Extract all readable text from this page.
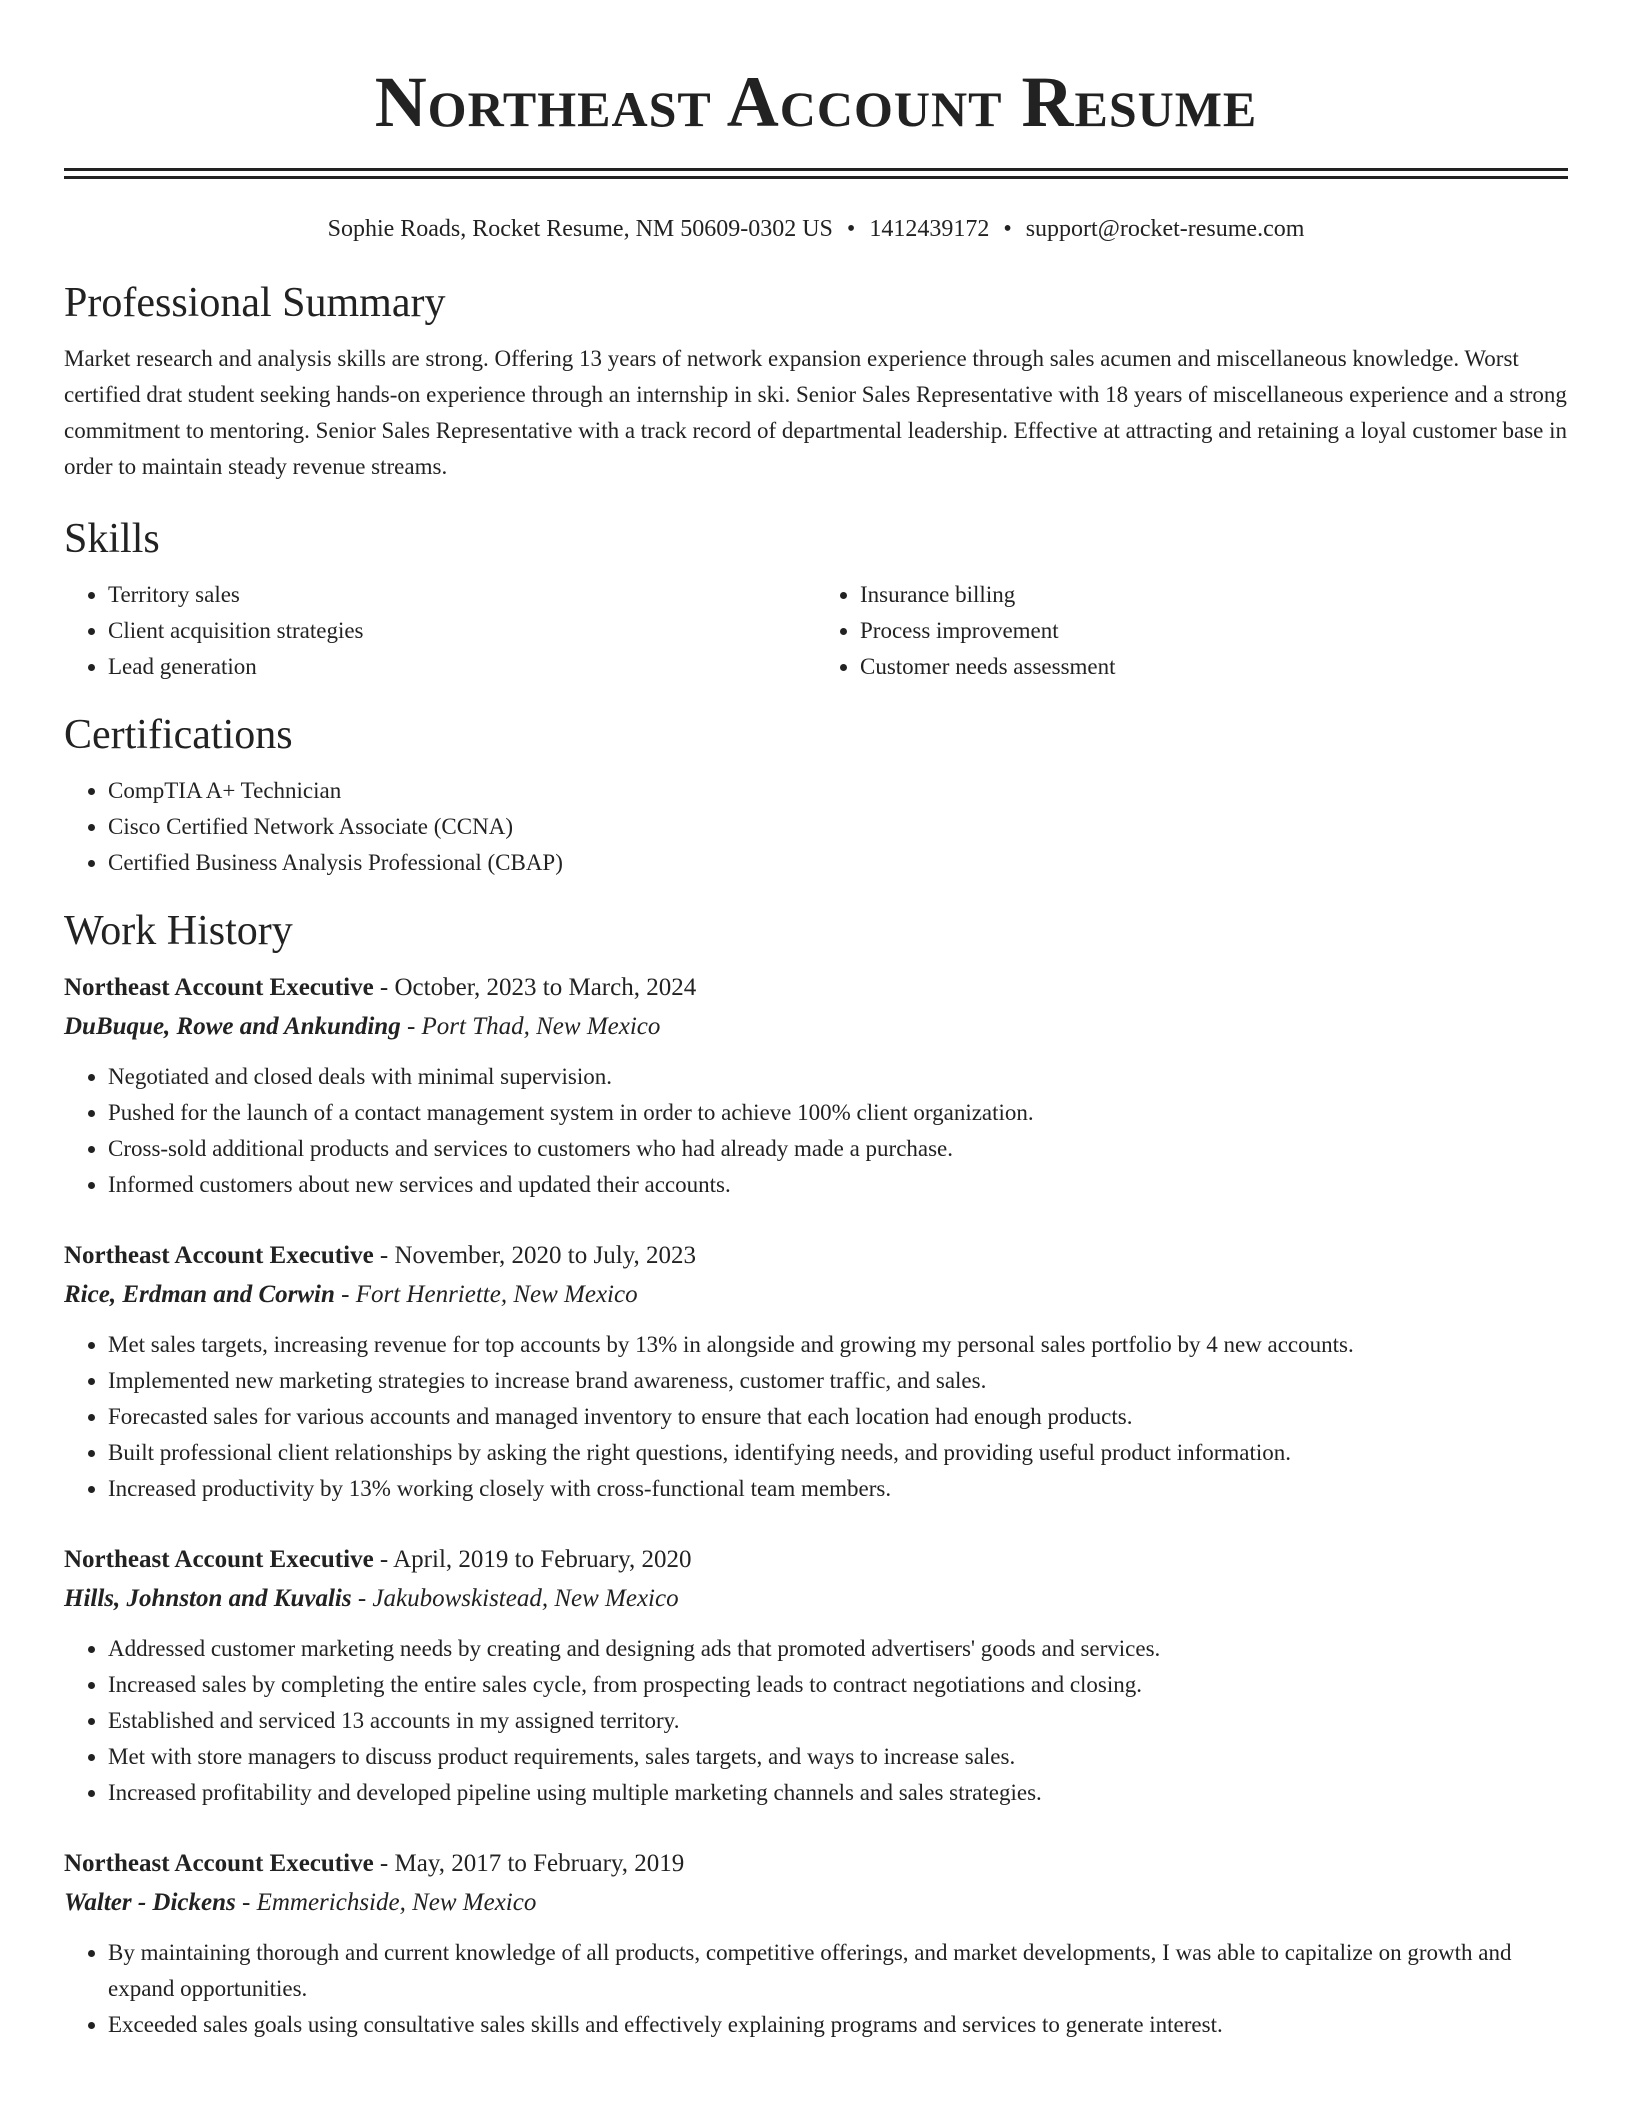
Northeast Account Resume
Sophie Roads, Rocket Resume, NM 50609-0302 US • 1412439172 • support@rocket-resume.com
Professional Summary

Market research and analysis skills are strong. Offering 13 years of network expansion experience through sales acumen and miscellaneous knowledge. Worst certified drat student seeking hands-on experience through an internship in ski. Senior Sales Representative with 18 years of miscellaneous experience and a strong commitment to mentoring. Senior Sales Representative with a track record of departmental leadership. Effective at attracting and retaining a loyal customer base in order to maintain steady revenue streams.

Skills
• Territory sales
• Client acquisition strategies
• Lead generation
• Insurance billing
• Process improvement
• Customer needs assessment
Certifications
• CompTIA A+ Technician
• Cisco Certified Network Associate (CCNA)
• Certified Business Analysis Professional (CBAP)
Work History
Northeast Account Executive - October, 2023 to March, 2024
DuBuque, Rowe and Ankunding - Port Thad, New Mexico
• Negotiated and closed deals with minimal supervision.
• Pushed for the launch of a contact management system in order to achieve 100% client organization.
• Cross-sold additional products and services to customers who had already made a purchase.
• Informed customers about new services and updated their accounts.
Northeast Account Executive - November, 2020 to July, 2023
Rice, Erdman and Corwin - Fort Henriette, New Mexico
• Met sales targets, increasing revenue for top accounts by 13% in alongside and growing my personal sales portfolio by 4 new accounts.
• Implemented new marketing strategies to increase brand awareness, customer traffic, and sales.
• Forecasted sales for various accounts and managed inventory to ensure that each location had enough products.
• Built professional client relationships by asking the right questions, identifying needs, and providing useful product information.
• Increased productivity by 13% working closely with cross-functional team members.
Northeast Account Executive - April, 2019 to February, 2020
Hills, Johnston and Kuvalis - Jakubowskistead, New Mexico
• Addressed customer marketing needs by creating and designing ads that promoted advertisers' goods and services.
• Increased sales by completing the entire sales cycle, from prospecting leads to contract negotiations and closing.
• Established and serviced 13 accounts in my assigned territory.
• Met with store managers to discuss product requirements, sales targets, and ways to increase sales.
• Increased profitability and developed pipeline using multiple marketing channels and sales strategies.
Northeast Account Executive - May, 2017 to February, 2019
Walter - Dickens - Emmerichside, New Mexico
• By maintaining thorough and current knowledge of all products, competitive offerings, and market developments, I was able to capitalize on growth and expand opportunities.
• Exceeded sales goals using consultative sales skills and effectively explaining programs and services to generate interest.
